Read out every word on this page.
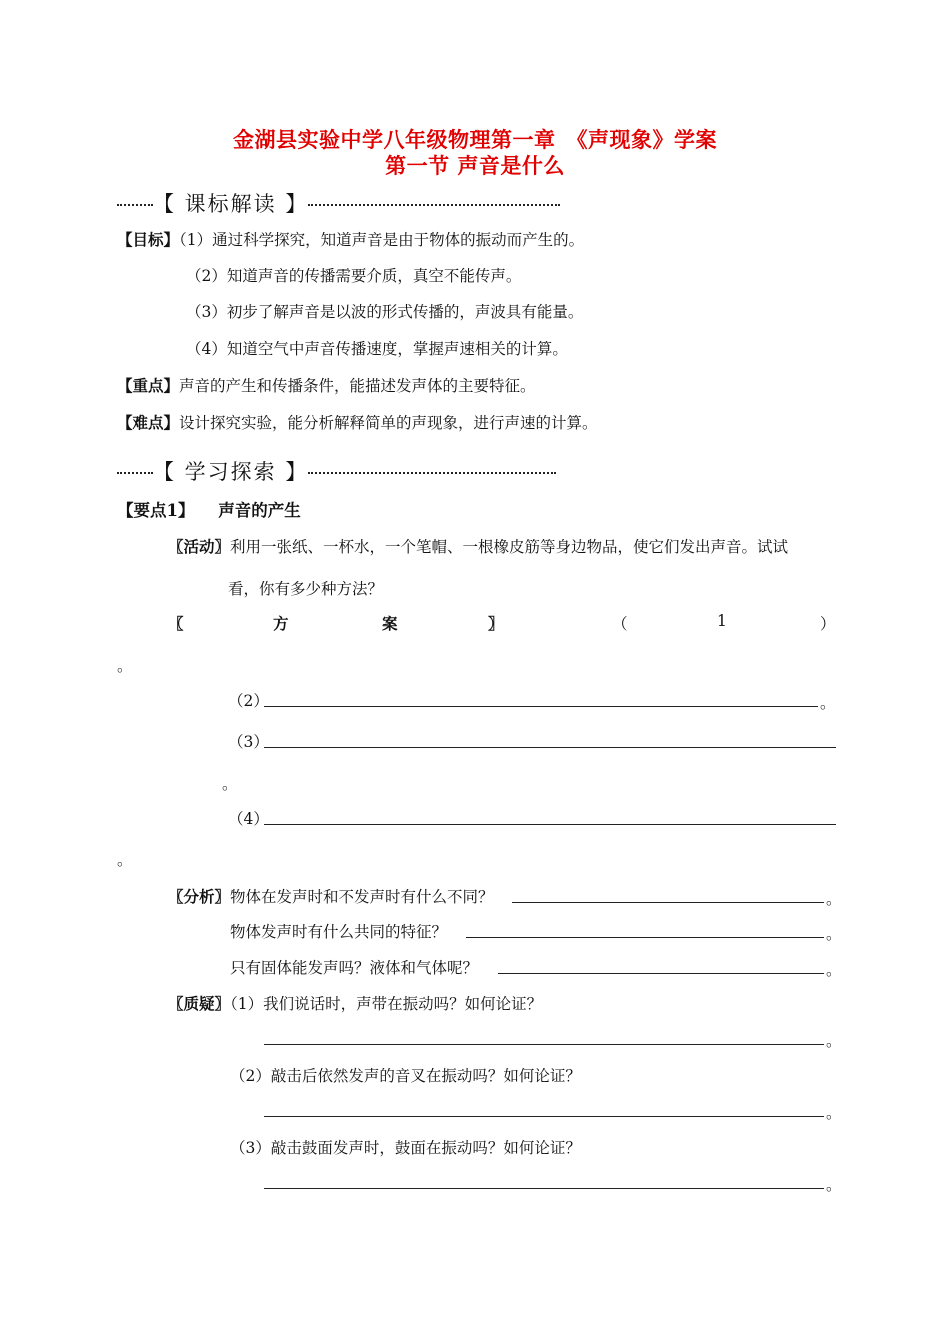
金湖县实验中学八年级物理第一章　《声现象》学案
第一节 声音是什么
【 课标解读 】
【目标】（1）通过科学探究，知道声音是由于物体的振动而产生的。
（2）知道声音的传播需要介质，真空不能传声。
（3）初步了解声音是以波的形式传播的，声波具有能量。
（4）知道空气中声音传播速度，掌握声速相关的计算。
【重点】声音的产生和传播条件，能描述发声体的主要特征。
【难点】设计探究实验，能分析解释简单的声现象，进行声速的计算。
【 学习探索 】
【要点1】 声音的产生
〖活动〗利用一张纸、一杯水，一个笔帽、一根橡皮筋等身边物品，使它们发出声音。试试
看，你有多少种方法？
〖	方	案	〗	（	1	）
。
（2）	。
（3）
。
（4）
。
〖分析〗物体在发声时和不发声时有什么不同？	。
物体发声时有什么共同的特征？	。
只有固体能发声吗？液体和气体呢？	。
〖质疑〗（1）我们说话时，声带在振动吗？如何论证？
。
（2）敲击后依然发声的音叉在振动吗？如何论证？
。
（3）敲击鼓面发声时，鼓面在振动吗？如何论证？
。
